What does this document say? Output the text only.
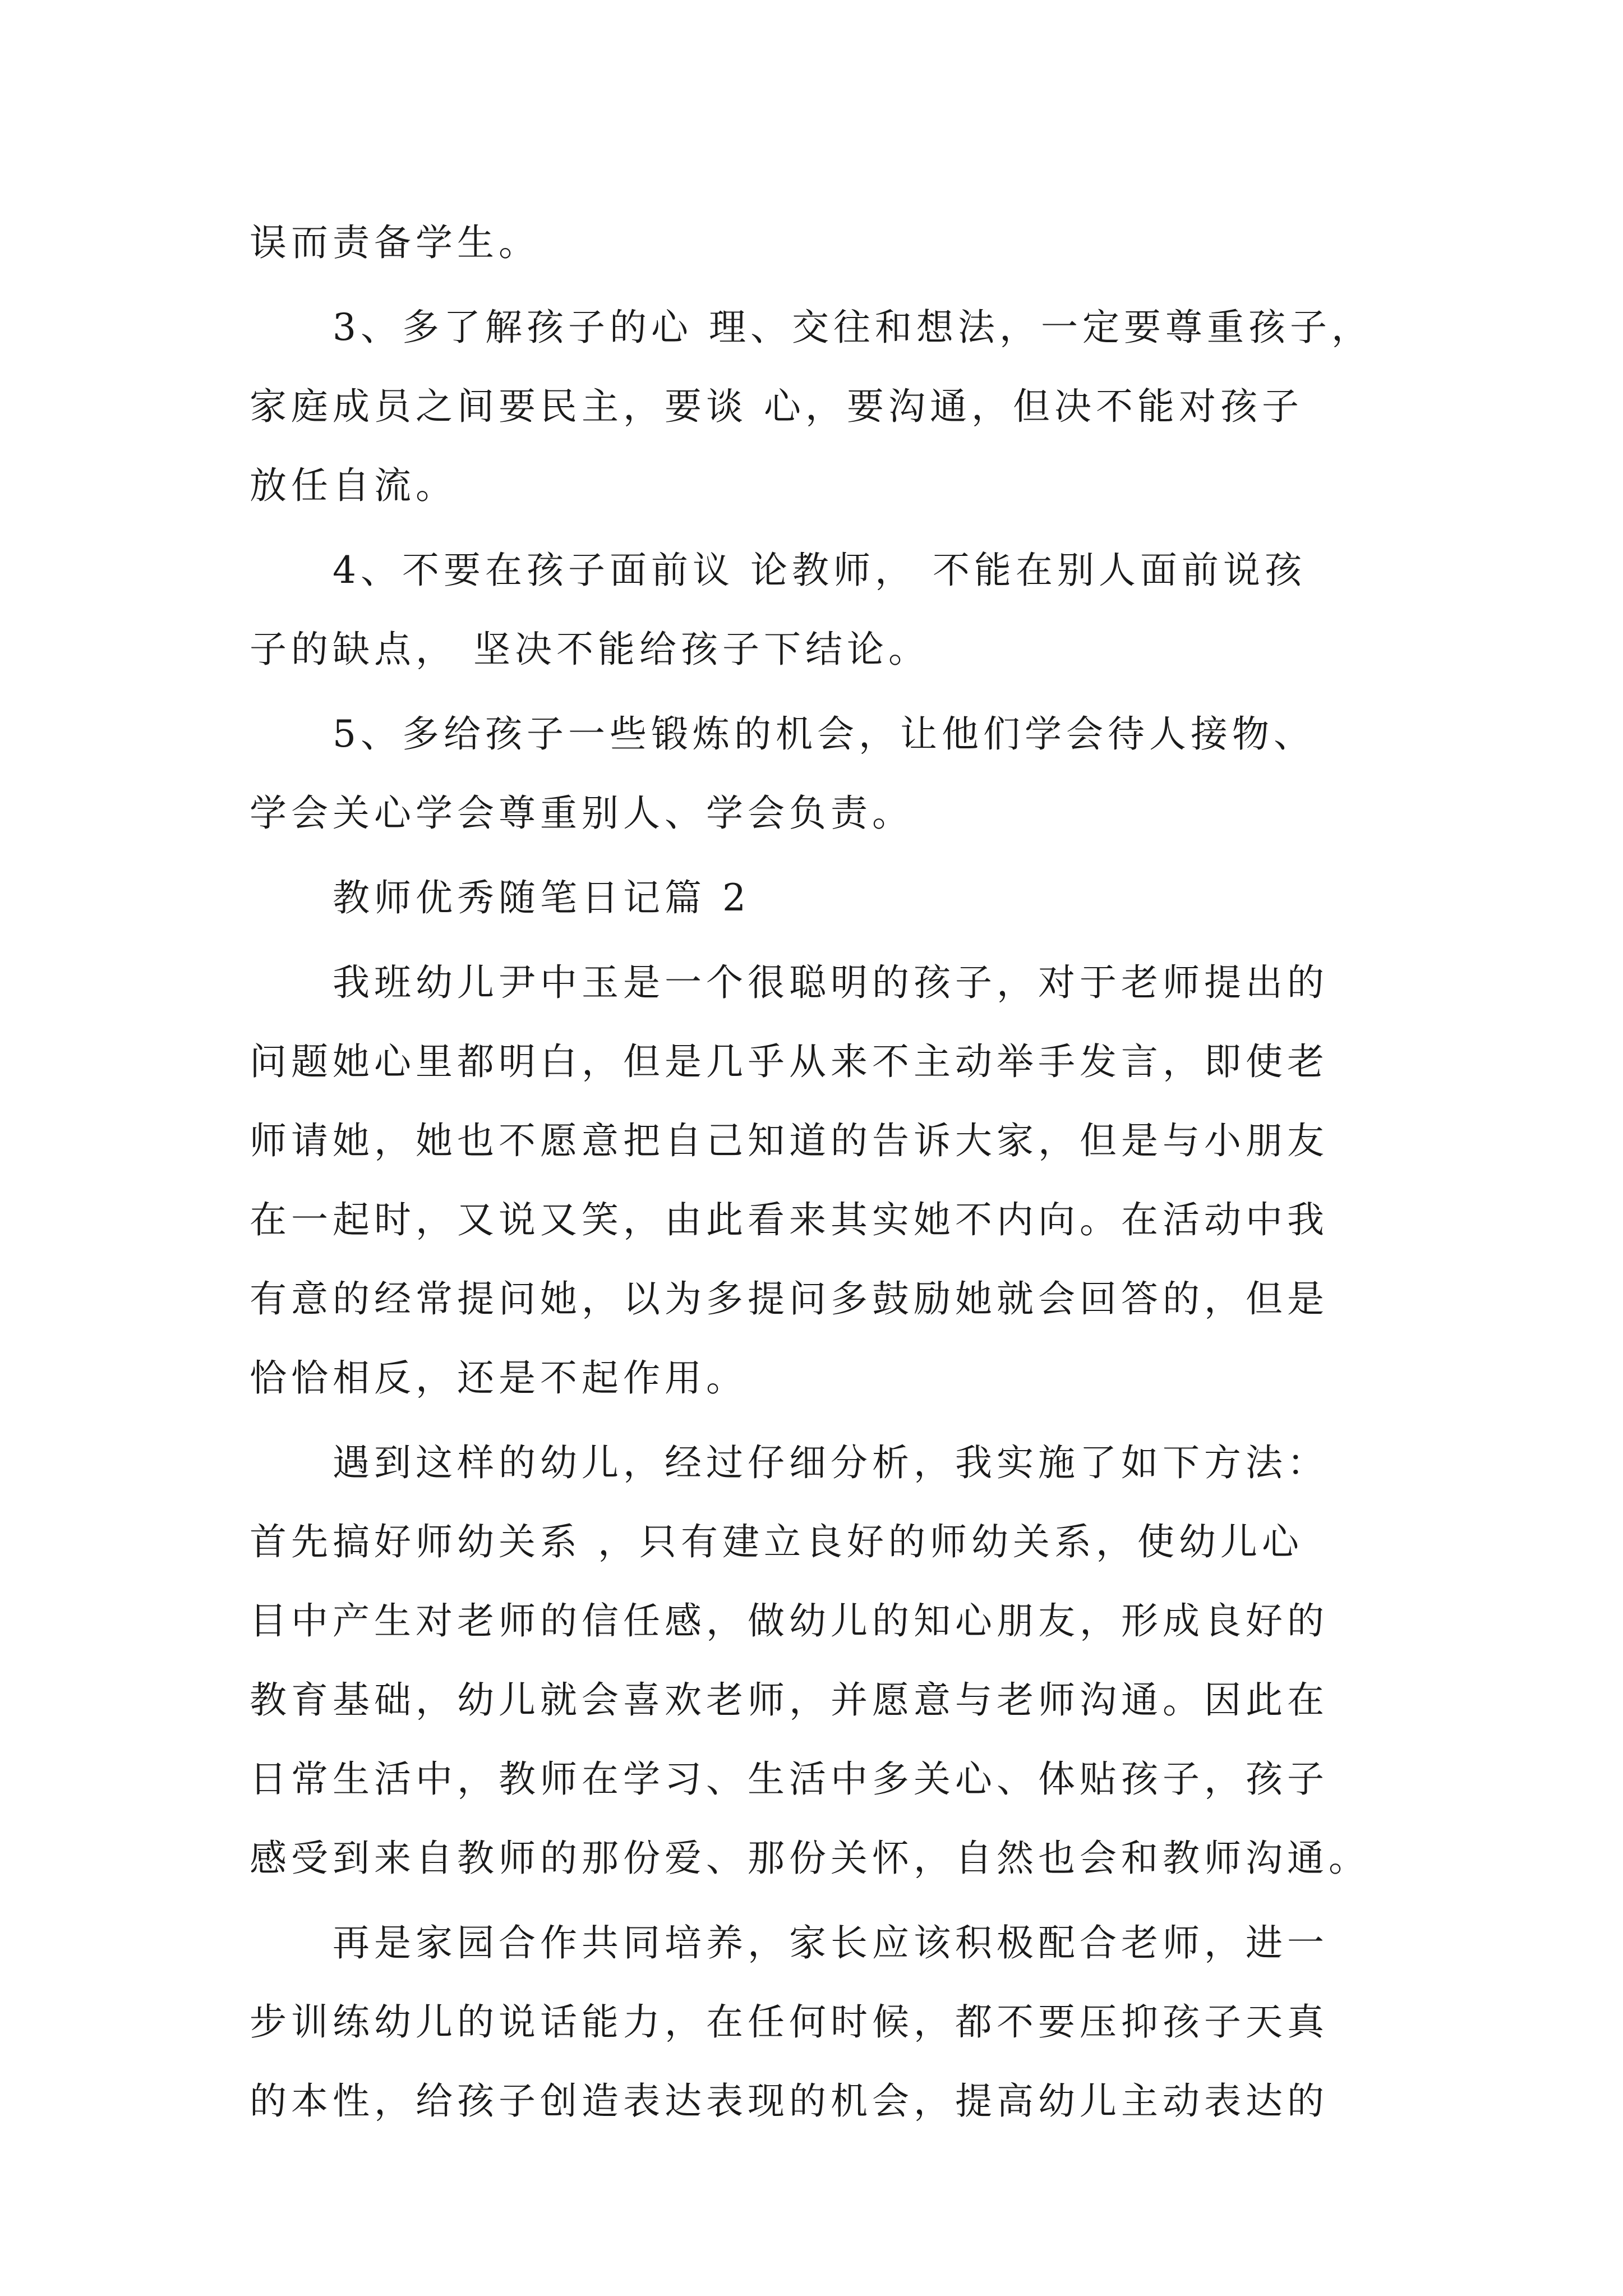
误而责备学生。
3、多了解孩子的心 理、交往和想法，一定要尊重孩子，
家庭成员之间要民主，要谈 心，要沟通，但决不能对孩子
放任自流。
4、不要在孩子面前议 论教师， 不能在别人面前说孩
子的缺点， 坚决不能给孩子下结论。
5、多给孩子一些锻炼的机会，让他们学会待人接物、
学会关心学会尊重别人、学会负责。
教师优秀随笔日记篇 2
我班幼儿尹中玉是一个很聪明的孩子，对于老师提出的
问题她心里都明白，但是几乎从来不主动举手发言，即使老
师请她，她也不愿意把自己知道的告诉大家，但是与小朋友
在一起时，又说又笑，由此看来其实她不内向。在活动中我
有意的经常提问她，以为多提问多鼓励她就会回答的，但是
恰恰相反，还是不起作用。
遇到这样的幼儿，经过仔细分析，我实施了如下方法：
首先搞好师幼关系 ，只有建立良好的师幼关系，使幼儿心
目中产生对老师的信任感，做幼儿的知心朋友，形成良好的
教育基础，幼儿就会喜欢老师，并愿意与老师沟通。因此在
日常生活中，教师在学习、生活中多关心、体贴孩子，孩子
感受到来自教师的那份爱、那份关怀，自然也会和教师沟通。
再是家园合作共同培养，家长应该积极配合老师，进一
步训练幼儿的说话能力，在任何时候，都不要压抑孩子天真
的本性，给孩子创造表达表现的机会，提高幼儿主动表达的
